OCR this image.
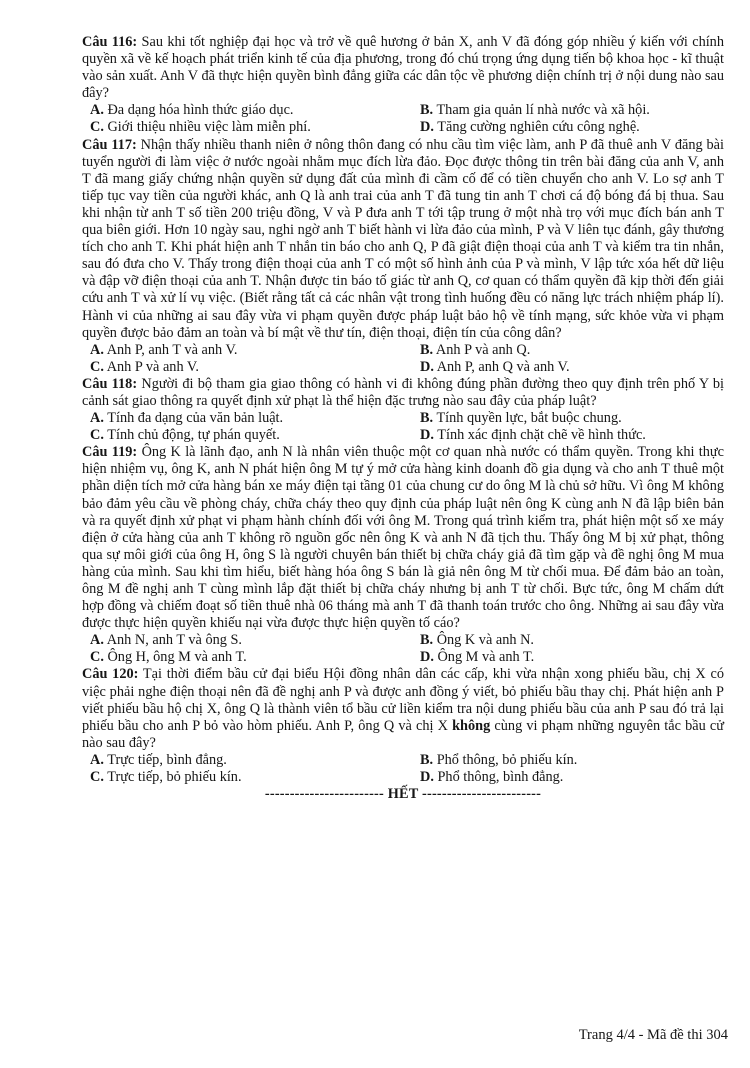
Câu 116: Sau khi tốt nghiệp đại học và trở về quê hương ở bản X, anh V đã đóng góp nhiều ý kiến với chính quyền xã về kế hoạch phát triển kinh tế của địa phương, trong đó chú trọng ứng dụng tiến bộ khoa học - kĩ thuật vào sản xuất. Anh V đã thực hiện quyền bình đẳng giữa các dân tộc về phương diện chính trị ở nội dung nào sau đây?

A. Đa dạng hóa hình thức giáo dục.	B. Tham gia quản lí nhà nước và xã hội.
C. Giới thiệu nhiều việc làm miễn phí.	D. Tăng cường nghiên cứu công nghệ.

Câu 117: Nhận thấy nhiều thanh niên ở nông thôn đang có nhu cầu tìm việc làm, anh P đã thuê anh V đăng bài tuyển người đi làm việc ở nước ngoài nhằm mục đích lừa đảo. Đọc được thông tin trên bài đăng của anh V, anh T đã mang giấy chứng nhận quyền sử dụng đất của mình đi cầm cố để có tiền chuyển cho anh V. Lo sợ anh T tiếp tục vay tiền của người khác, anh Q là anh trai của anh T đã tung tin anh T chơi cá độ bóng đá bị thua. Sau khi nhận từ anh T số tiền 200 triệu đồng, V và P đưa anh T tới tập trung ở một nhà trọ với mục đích bán anh T qua biên giới. Hơn 10 ngày sau, nghi ngờ anh T biết hành vi lừa đảo của mình, P và V liên tục đánh, gây thương tích cho anh T. Khi phát hiện anh T nhắn tin báo cho anh Q, P đã giật điện thoại của anh T và kiểm tra tin nhắn, sau đó đưa cho V. Thấy trong điện thoại của anh T có một số hình ảnh của P và mình, V lập tức xóa hết dữ liệu và đập vỡ điện thoại của anh T. Nhận được tin báo tố giác từ anh Q, cơ quan có thẩm quyền đã kịp thời đến giải cứu anh T và xử lí vụ việc. (Biết rằng tất cả các nhân vật trong tình huống đều có năng lực trách nhiệm pháp lí). Hành vi của những ai sau đây vừa vi phạm quyền được pháp luật bảo hộ về tính mạng, sức khỏe vừa vi phạm quyền được bảo đảm an toàn và bí mật về thư tín, điện thoại, điện tín của công dân?

A. Anh P, anh T và anh V.	B. Anh P và anh Q.
C. Anh P và anh V.	D. Anh P, anh Q và anh V.

Câu 118: Người đi bộ tham gia giao thông có hành vi đi không đúng phần đường theo quy định trên phố Y bị cảnh sát giao thông ra quyết định xử phạt là thể hiện đặc trưng nào sau đây của pháp luật?

A. Tính đa dạng của văn bản luật.	B. Tính quyền lực, bắt buộc chung.
C. Tính chủ động, tự phán quyết.	D. Tính xác định chặt chẽ về hình thức.

Câu 119: Ông K là lãnh đạo, anh N là nhân viên thuộc một cơ quan nhà nước có thẩm quyền. Trong khi thực hiện nhiệm vụ, ông K, anh N phát hiện ông M tự ý mở cửa hàng kinh doanh đồ gia dụng và cho anh T thuê một phần diện tích mở cửa hàng bán xe máy điện tại tầng 01 của chung cư do ông M là chủ sở hữu. Vì ông M không bảo đảm yêu cầu về phòng cháy, chữa cháy theo quy định của pháp luật nên ông K cùng anh N đã lập biên bản và ra quyết định xử phạt vi phạm hành chính đối với ông M. Trong quá trình kiểm tra, phát hiện một số xe máy điện ở cửa hàng của anh T không rõ nguồn gốc nên ông K và anh N đã tịch thu. Thấy ông M bị xử phạt, thông qua sự môi giới của ông H, ông S là người chuyên bán thiết bị chữa cháy giả đã tìm gặp và đề nghị ông M mua hàng của mình. Sau khi tìm hiểu, biết hàng hóa ông S bán là giả nên ông M từ chối mua. Để đảm bảo an toàn, ông M đề nghị anh T cùng mình lắp đặt thiết bị chữa cháy nhưng bị anh T từ chối. Bực tức, ông M chấm dứt hợp đồng và chiếm đoạt số tiền thuê nhà 06 tháng mà anh T đã thanh toán trước cho ông. Những ai sau đây vừa được thực hiện quyền khiếu nại vừa được thực hiện quyền tố cáo?

A. Anh N, anh T và ông S.	B. Ông K và anh N.
C. Ông H, ông M và anh T.	D. Ông M và anh T.

Câu 120: Tại thời điểm bầu cử đại biểu Hội đồng nhân dân các cấp, khi vừa nhận xong phiếu bầu, chị X có việc phải nghe điện thoại nên đã đề nghị anh P và được anh đồng ý viết, bỏ phiếu bầu thay chị. Phát hiện anh P viết phiếu bầu hộ chị X, ông Q là thành viên tổ bầu cử liền kiểm tra nội dung phiếu bầu của anh P sau đó trả lại phiếu bầu cho anh P bỏ vào hòm phiếu. Anh P, ông Q và chị X không cùng vi phạm những nguyên tắc bầu cử nào sau đây?

A. Trực tiếp, bình đẳng.	B. Phổ thông, bỏ phiếu kín.
C. Trực tiếp, bỏ phiếu kín.	D. Phổ thông, bình đẳng.
------------------------ HẾT ------------------------
Trang 4/4 - Mã đề thi 304
